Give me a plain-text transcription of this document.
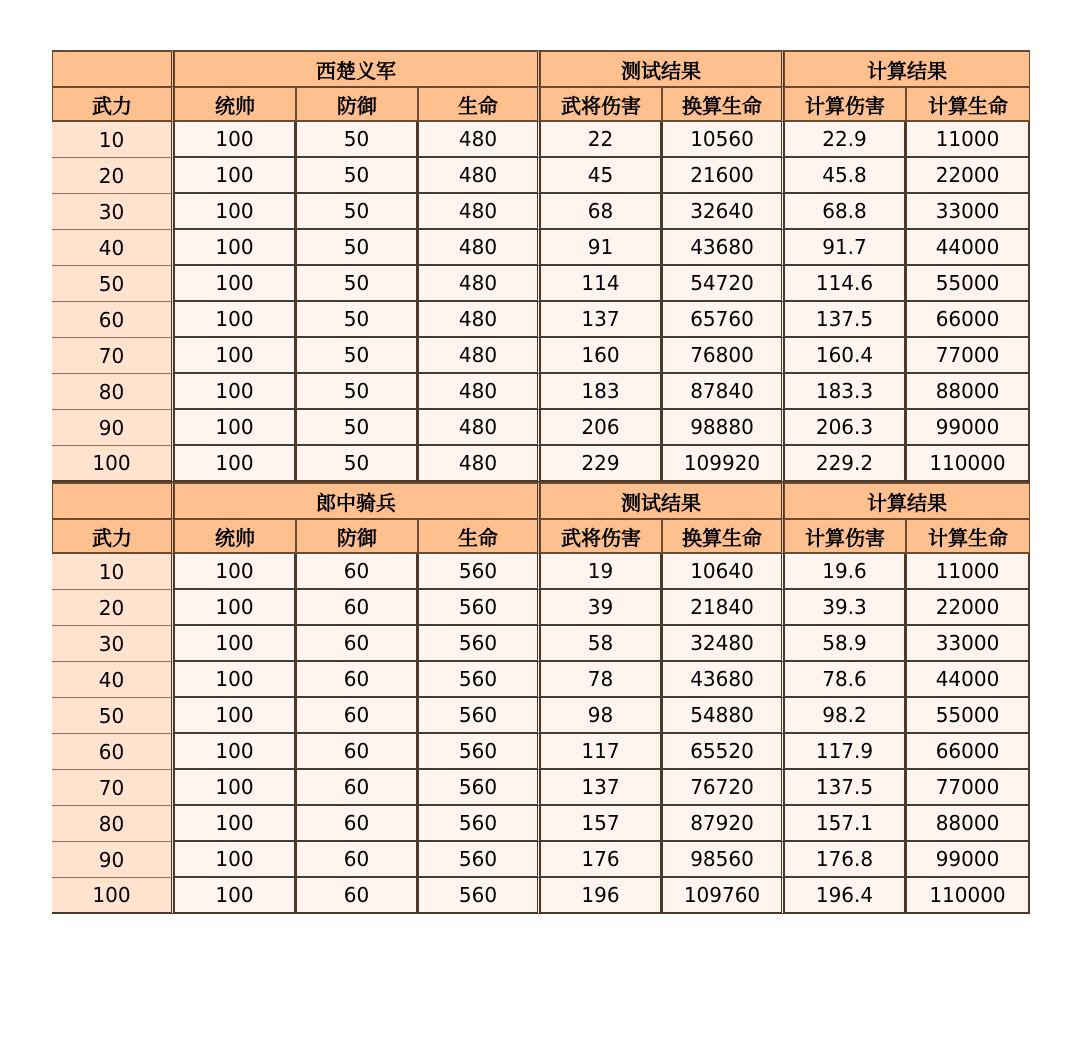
	西楚义军			测试结果		计算结果	
武力	统帅	防御	生命	武将伤害	换算生命	计算伤害	计算生命
10	100	50	480	22	10560	22.9	11000
20	100	50	480	45	21600	45.8	22000
30	100	50	480	68	32640	68.8	33000
40	100	50	480	91	43680	91.7	44000
50	100	50	480	114	54720	114.6	55000
60	100	50	480	137	65760	137.5	66000
70	100	50	480	160	76800	160.4	77000
80	100	50	480	183	87840	183.3	88000
90	100	50	480	206	98880	206.3	99000
100	100	50	480	229	109920	229.2	110000
	郎中骑兵			测试结果		计算结果	
武力	统帅	防御	生命	武将伤害	换算生命	计算伤害	计算生命
10	100	60	560	19	10640	19.6	11000
20	100	60	560	39	21840	39.3	22000
30	100	60	560	58	32480	58.9	33000
40	100	60	560	78	43680	78.6	44000
50	100	60	560	98	54880	98.2	55000
60	100	60	560	117	65520	117.9	66000
70	100	60	560	137	76720	137.5	77000
80	100	60	560	157	87920	157.1	88000
90	100	60	560	176	98560	176.8	99000
100	100	60	560	196	109760	196.4	110000
